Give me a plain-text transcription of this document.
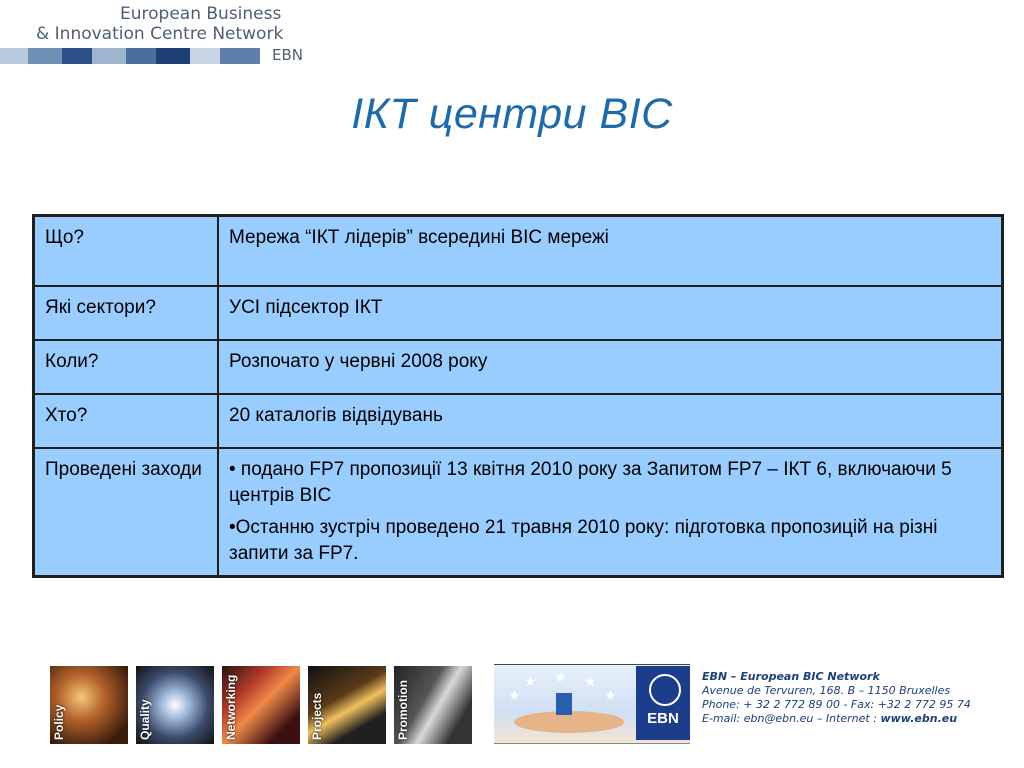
European Business
& Innovation Centre Network
EBN
ІКТ центри ВІС
Що?	Мережа “ІКТ лідерів” всередині ВІС мережі

Які сектори?	УСІ підсектор ІКТ

Коли?	Розпочато у червні 2008 року

Хто?	20 каталогів відвідувань

Проведені заходи	• подано FP7 пропозиції 13 квітня 2010 року за Запитом FP7 – ІКТ 6, включаючи 5 центрів ВІС
•Останню зустріч проведено 21 травня 2010 року: підготовка пропозицій на різні запити за FP7.
Policy	Quality	Networking	Projects	Promotion	★ ★ ★
★	★
EBN
EBN – European BIC Network
Avenue de Tervuren, 168. B – 1150 Bruxelles
Phone: + 32 2 772 89 00 - Fax: +32 2 772 95 74
E-mail: ebn@ebn.eu – Internet : www.ebn.eu
